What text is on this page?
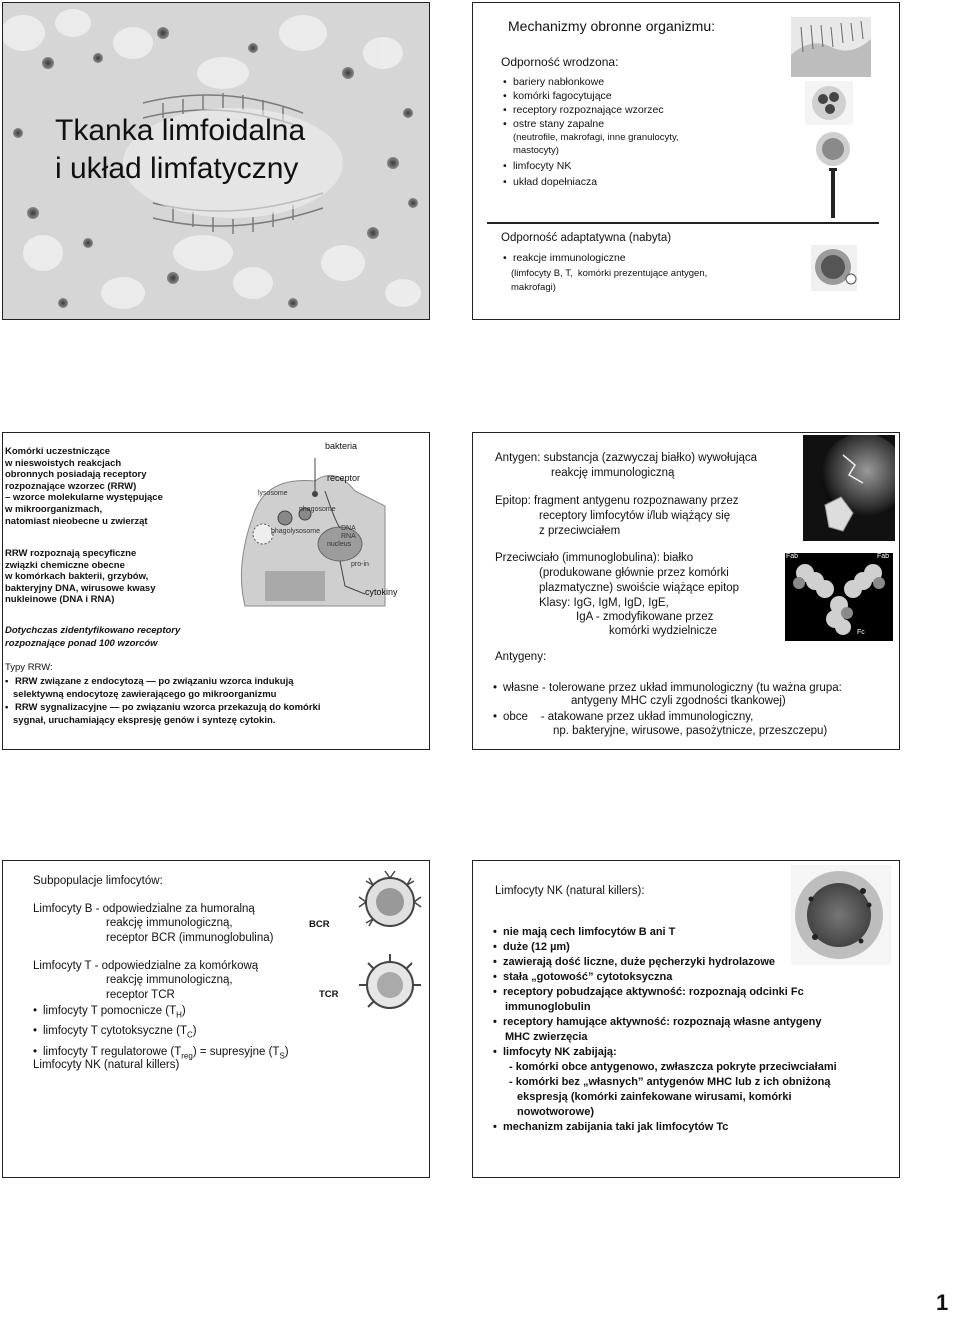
Tkanka limfoidalna
i układ limfatyczny
Mechanizmy obronne organizmu:
Odporność wrodzona:
• bariery nabłonkowe
• komórki fagocytujące
• receptory rozpoznające wzorzec
• ostre stany zapalne
(neutrofile, makrofagi, inne granulocyty,
mastocyty)
• limfocyty NK
• układ dopełniacza
Odporność adaptatywna (nabyta)
• reakcje immunologiczne
(limfocyty B, T,  komórki prezentujące antygen,
makrofagi)
Komórki uczestniczące
w nieswoistych reakcjach
obronnych posiadają receptory
rozpoznające wzorzec (RRW)
– wzorce molekularne występujące
w mikroorganizmach,
natomiast nieobecne u zwierząt
RRW rozpoznają specyficzne
związki chemiczne obecne
w komórkach bakterii, grzybów,
bakteryjny DNA, wirusowe kwasy
nukleinowe (DNA i RNA)
Dotychczas zidentyfikowano receptory
rozpoznające ponad 100 wzorców
Typy RRW:
• RRW związane z endocytozą — po związaniu wzorca indukują
selektywną endocytozę zawierającego go mikroorganizmu
• RRW sygnalizacyjne — po związaniu wzorca przekazują do komórki
sygnał, uruchamiający ekspresję genów i syntezę cytokin.
bakteria
receptor
lysosome
phagosome
phagolysosome	DNA
RNA
nucleus
pro-in
cytokiny
Antygen: substancja (zazwyczaj białko) wywołująca
reakcję immunologiczną
Epitop: fragment antygenu rozpoznawany przez
receptory limfocytów i/lub wiążący się
z przeciwciałem
Przeciwciało (immunoglobulina): białko
(produkowane głównie przez komórki
plazmatyczne) swoiście wiążące epitop
Klasy: IgG, IgM, IgD, IgE,
IgA - zmodyfikowane przez
komórki wydzielnicze
Fab	Fab
Fc
Antygeny:
• własne - tolerowane przez układ immunologiczny (tu ważna grupa:
antygeny MHC czyli zgodności tkankowej)
• obce - atakowane przez układ immunologiczny,
np. bakteryjne, wirusowe, pasożytnicze, przeszczepu)
Subpopulacje limfocytów:
Limfocyty B - odpowiedzialne za humoralną
reakcję immunologiczną,
receptor BCR (immunoglobulina)
Limfocyty T - odpowiedzialne za komórkową
reakcję immunologiczną,
receptor TCR
• limfocyty T pomocnicze $(T_H)$
• limfocyty T cytotoksyczne $(T_C)$
• limfocyty T regulatorowe $(T_{reg})$ = supresyjne $(T_S)$
Limfocyty NK (natural killers)
BCR
TCR
Limfocyty NK (natural killers):
• nie mają cech limfocytów B ani T
• duże (12 µm)
• zawierają dość liczne, duże pęcherzyki hydrolazowe
• stała „gotowość” cytotoksyczna
• receptory pobudzające aktywność: rozpoznają odcinki Fc
immunoglobulin
• receptory hamujące aktywność: rozpoznają własne antygeny
MHC zwierzęcia
• limfocyty NK zabijają:
- komórki obce antygenowo, zwłaszcza pokryte przeciwciałami
- komórki bez „własnych” antygenów MHC lub z ich obniżoną
ekspresją (komórki zainfekowane wirusami, komórki
nowotworowe)
• mechanizm zabijania taki jak limfocytów Tc
1
